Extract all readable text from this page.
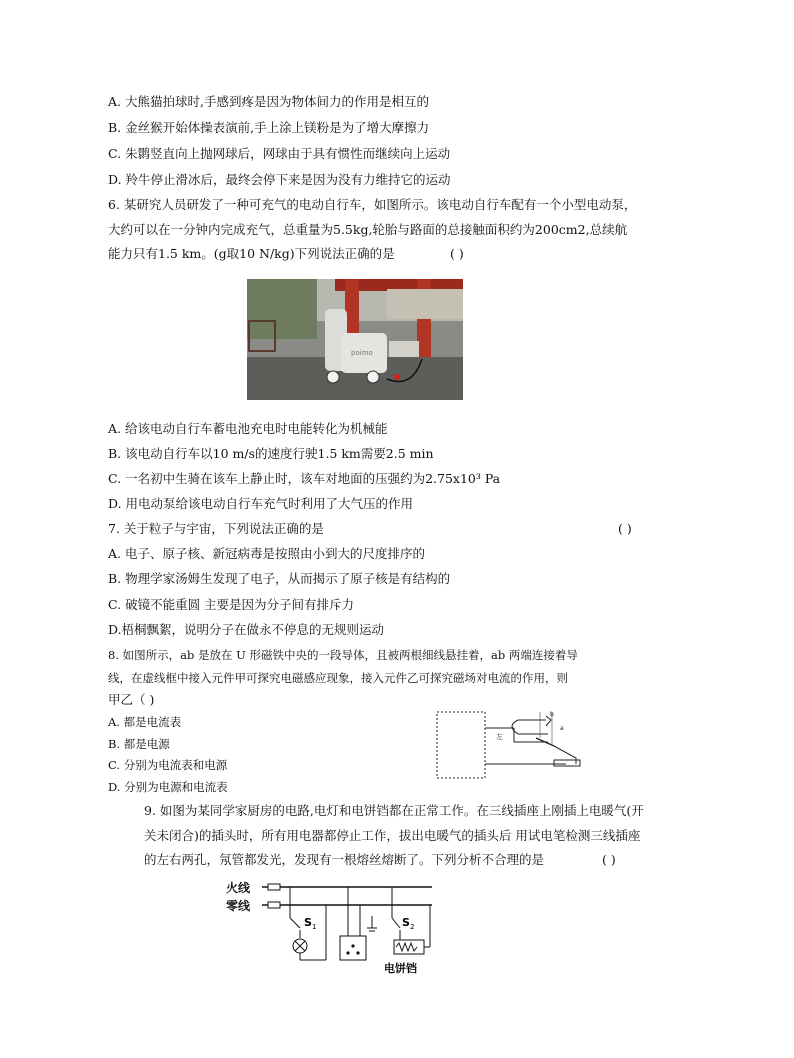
A. 大熊猫拍球时,手感到疼是因为物体间力的作用是相互的
B. 金丝猴开始体操表演前,手上涂上镁粉是为了增大摩擦力
C. 朱鹮竖直向上抛网球后，网球由于具有惯性而继续向上运动
D. 羚牛停止滑冰后，最终会停下来是因为没有力维持它的运动
6. 某研究人员研发了一种可充气的电动自行车，如图所示。该电动自行车配有一个小型电动泵，
大约可以在一分钟内完成充气，总重量为5.5kg,轮胎与路面的总接触面积约为200cm2,总续航
能力只有1.5 km。(g取10 N/kg)下列说法正确的是	( )
poimo
A. 给该电动自行车蓄电池充电时电能转化为机械能
B. 该电动自行车以10 m/s的速度行驶1.5 km需要2.5 min
C. 一名初中生骑在该车上静止时，该车对地面的压强约为2.75x10³ Pa
D. 用电动泵给该电动自行车充气时利用了大气压的作用
7. 关于粒子与宇宙，下列说法正确的是	( )
A. 电子、原子核、新冠病毒是按照由小到大的尺度排序的
B. 物理学家汤姆生发现了电子，从而揭示了原子核是有结构的
C. 破镜不能重圆 主要是因为分子间有排斥力
D.梧桐飘絮，说明分子在做永不停息的无规则运动
8. 如图所示，ab 是放在 U 形磁铁中央的一段导体，且被两根细线悬挂着，ab 两端连接着导
线，在虚线框中接入元件甲可探究电磁感应现象，接入元件乙可探究磁场对电流的作用，则
甲乙（ )
A. 都是电流表
B. 都是电源
C. 分别为电流表和电源
D. 分别为电源和电流表
左
b
a
9. 如图为某同学家厨房的电路,电灯和电饼铛都在正常工作。在三线插座上刚插上电暖气(开
关未闭合)的插头时，所有用电器都停止工作，拔出电暖气的插头后 用试电笔检测三线插座
的左右两孔，氖管都发光，发现有一根熔丝熔断了。下列分析不合理的是	( )
火线
零线
S 1	S 2
电饼铛
